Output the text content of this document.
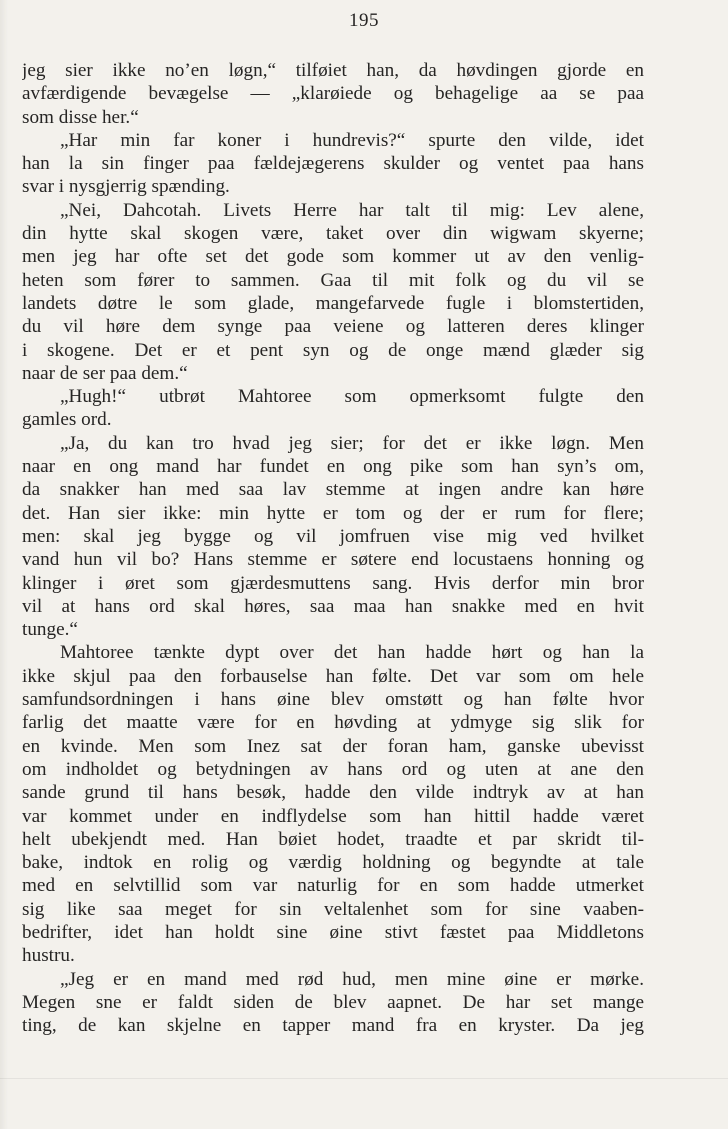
195
jeg sier ikke no’en løgn,“ tilføiet han, da høvdingen gjorde en
avfærdigende bevægelse — „klarøiede og behagelige aa se paa
som disse her.“
„Har min far koner i hundrevis?“ spurte den vilde, idet
han la sin finger paa fældejægerens skulder og ventet paa hans
svar i nysgjerrig spænding.
„Nei, Dahcotah. Livets Herre har talt til mig: Lev alene,
din hytte skal skogen være, taket over din wigwam skyerne;
men jeg har ofte set det gode som kommer ut av den venlig-
heten som fører to sammen. Gaa til mit folk og du vil se
landets døtre le som glade, mangefarvede fugle i blomstertiden,
du vil høre dem synge paa veiene og latteren deres klinger
i skogene. Det er et pent syn og de onge mænd glæder sig
naar de ser paa dem.“
„Hugh!“ utbrøt Mahtoree som opmerksomt fulgte den
gamles ord.
„Ja, du kan tro hvad jeg sier; for det er ikke løgn. Men
naar en ong mand har fundet en ong pike som han syn’s om,
da snakker han med saa lav stemme at ingen andre kan høre
det. Han sier ikke: min hytte er tom og der er rum for flere;
men: skal jeg bygge og vil jomfruen vise mig ved hvilket
vand hun vil bo? Hans stemme er søtere end locustaens honning og
klinger i øret som gjærdesmuttens sang. Hvis derfor min bror
vil at hans ord skal høres, saa maa han snakke med en hvit
tunge.“
Mahtoree tænkte dypt over det han hadde hørt og han la
ikke skjul paa den forbauselse han følte. Det var som om hele
samfundsordningen i hans øine blev omstøtt og han følte hvor
farlig det maatte være for en høvding at ydmyge sig slik for
en kvinde. Men som Inez sat der foran ham, ganske ubevisst
om indholdet og betydningen av hans ord og uten at ane den
sande grund til hans besøk, hadde den vilde indtryk av at han
var kommet under en indflydelse som han hittil hadde været
helt ubekjendt med. Han bøiet hodet, traadte et par skridt til-
bake, indtok en rolig og værdig holdning og begyndte at tale
med en selvtillid som var naturlig for en som hadde utmerket
sig like saa meget for sin veltalenhet som for sine vaaben-
bedrifter, idet han holdt sine øine stivt fæstet paa Middletons
hustru.
„Jeg er en mand med rød hud, men mine øine er mørke.
Megen sne er faldt siden de blev aapnet. De har set mange
ting, de kan skjelne en tapper mand fra en kryster. Da jeg
